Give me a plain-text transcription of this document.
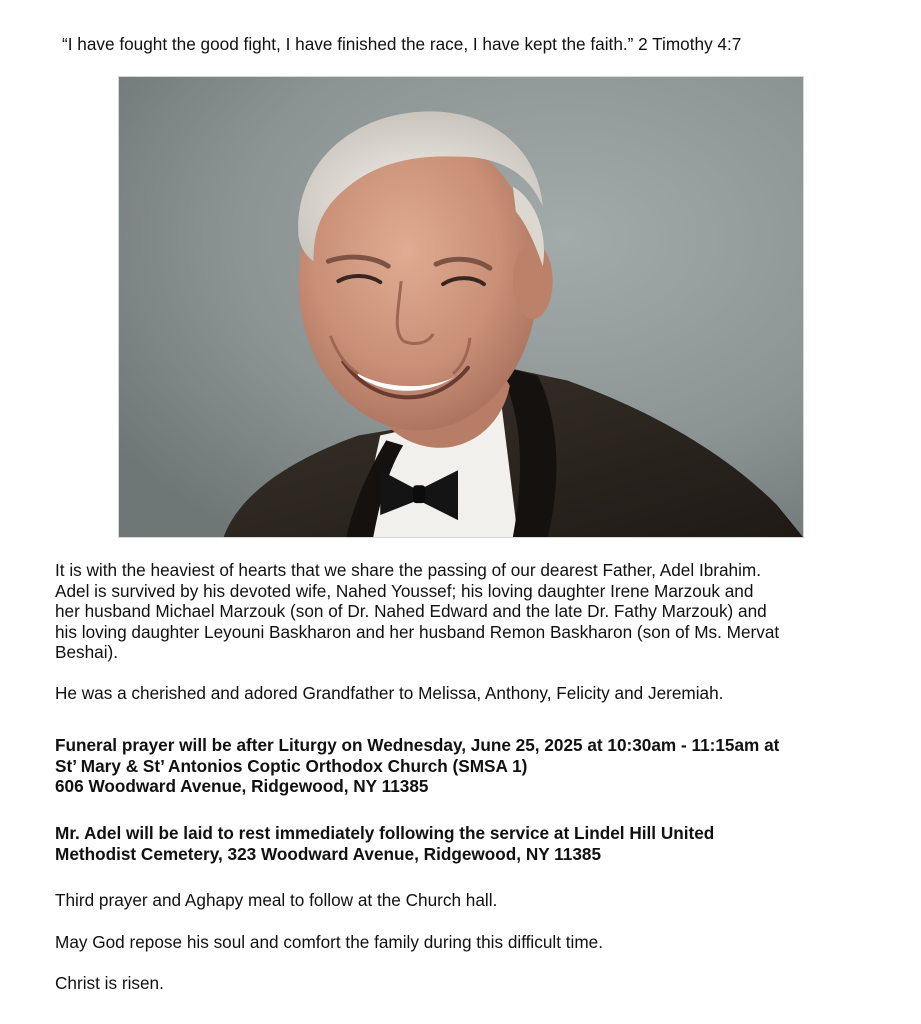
“I have fought the good fight, I have finished the race, I have kept the faith.” 2 Timothy 4:7

It is with the heaviest of hearts that we share the passing of our dearest Father, Adel Ibrahim.
Adel is survived by his devoted wife, Nahed Youssef; his loving daughter Irene Marzouk and
her husband Michael Marzouk (son of Dr. Nahed Edward and the late Dr. Fathy Marzouk) and
his loving daughter Leyouni Baskharon and her husband Remon Baskharon (son of Ms. Mervat
Beshai).

He was a cherished and adored Grandfather to Melissa, Anthony, Felicity and Jeremiah.

Funeral prayer will be after Liturgy on Wednesday, June 25, 2025 at 10:30am - 11:15am at
St’ Mary & St’ Antonios Coptic Orthodox Church (SMSA 1)
606 Woodward Avenue, Ridgewood, NY 11385

Mr. Adel will be laid to rest immediately following the service at Lindel Hill United
Methodist Cemetery, 323 Woodward Avenue, Ridgewood, NY 11385

Third prayer and Aghapy meal to follow at the Church hall.

May God repose his soul and comfort the family during this difficult time.

Christ is risen.
